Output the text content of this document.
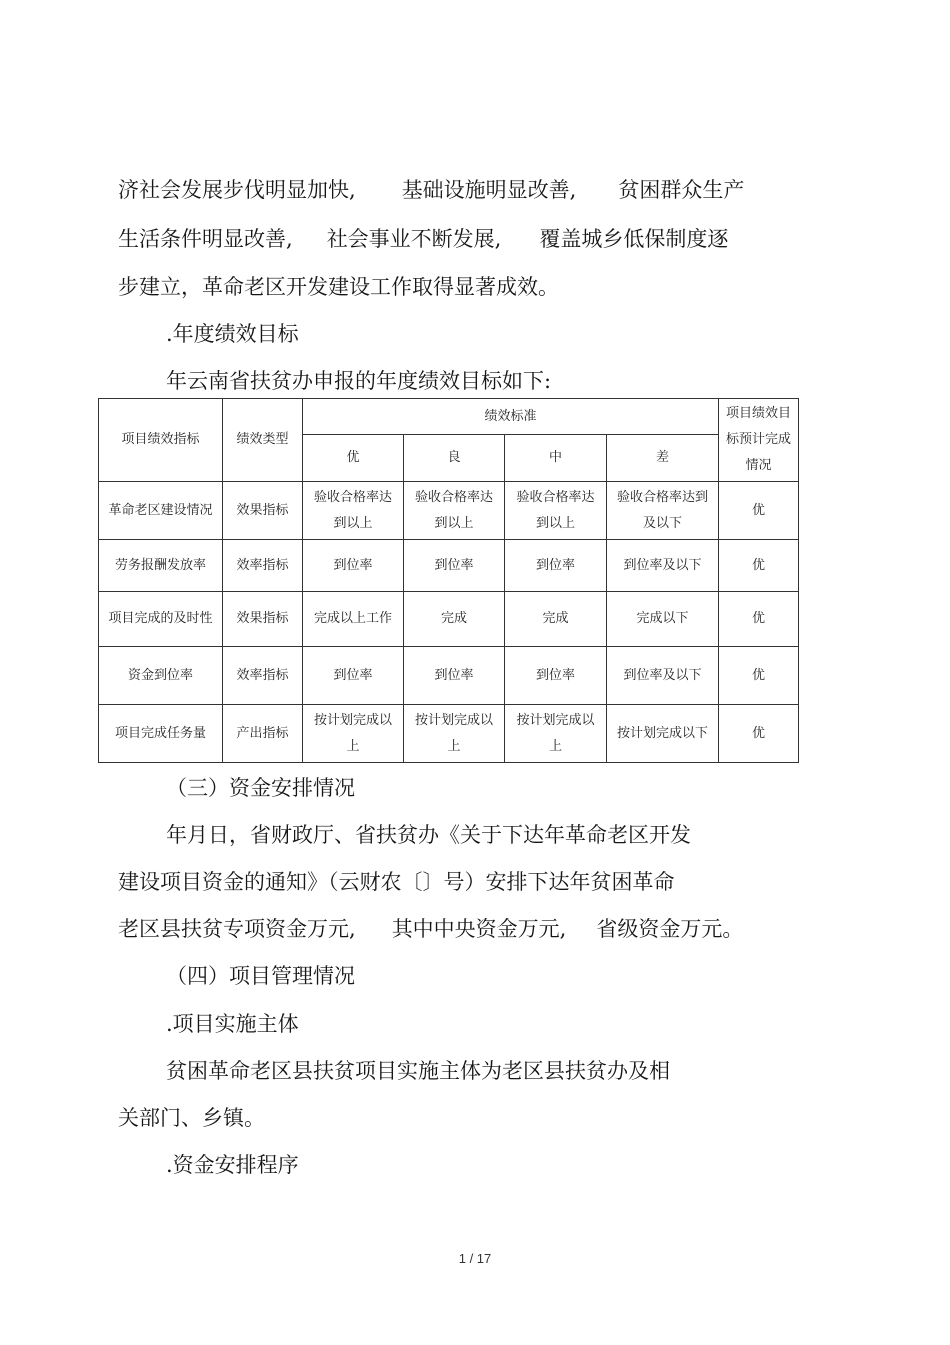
济社会发展步伐明显加快, 基础设施明显改善, 贫困群众生产
生活条件明显改善, 社会事业不断发展, 覆盖城乡低保制度逐
步建立，革命老区开发建设工作取得显著成效。
.年度绩效目标
年云南省扶贫办申报的年度绩效目标如下:
项目绩效指标	绩效类型	绩效标准				项目绩效目标预计完成情况
		优	良	中	差	
革命老区建设情况	效果指标	验收合格率达到以上	验收合格率达到以上	验收合格率达到以上	验收合格率达到及以下	优
劳务报酬发放率	效率指标	到位率	到位率	到位率	到位率及以下	优
项目完成的及时性	效果指标	完成以上工作	完成	完成	完成以下	优
资金到位率	效率指标	到位率	到位率	到位率	到位率及以下	优
项目完成任务量	产出指标	按计划完成以上	按计划完成以上	按计划完成以上	按计划完成以下	优
（三）资金安排情况
年月日，省财政厅、省扶贫办《关于下达年革命老区开发
建设项目资金的通知》（云财农〔〕号）安排下达年贫困革命
老区县扶贫专项资金万元, 其中中央资金万元, 省级资金万元。
（四）项目管理情况
.项目实施主体
贫困革命老区县扶贫项目实施主体为老区县扶贫办及相
关部门、乡镇。
.资金安排程序
1 / 17
